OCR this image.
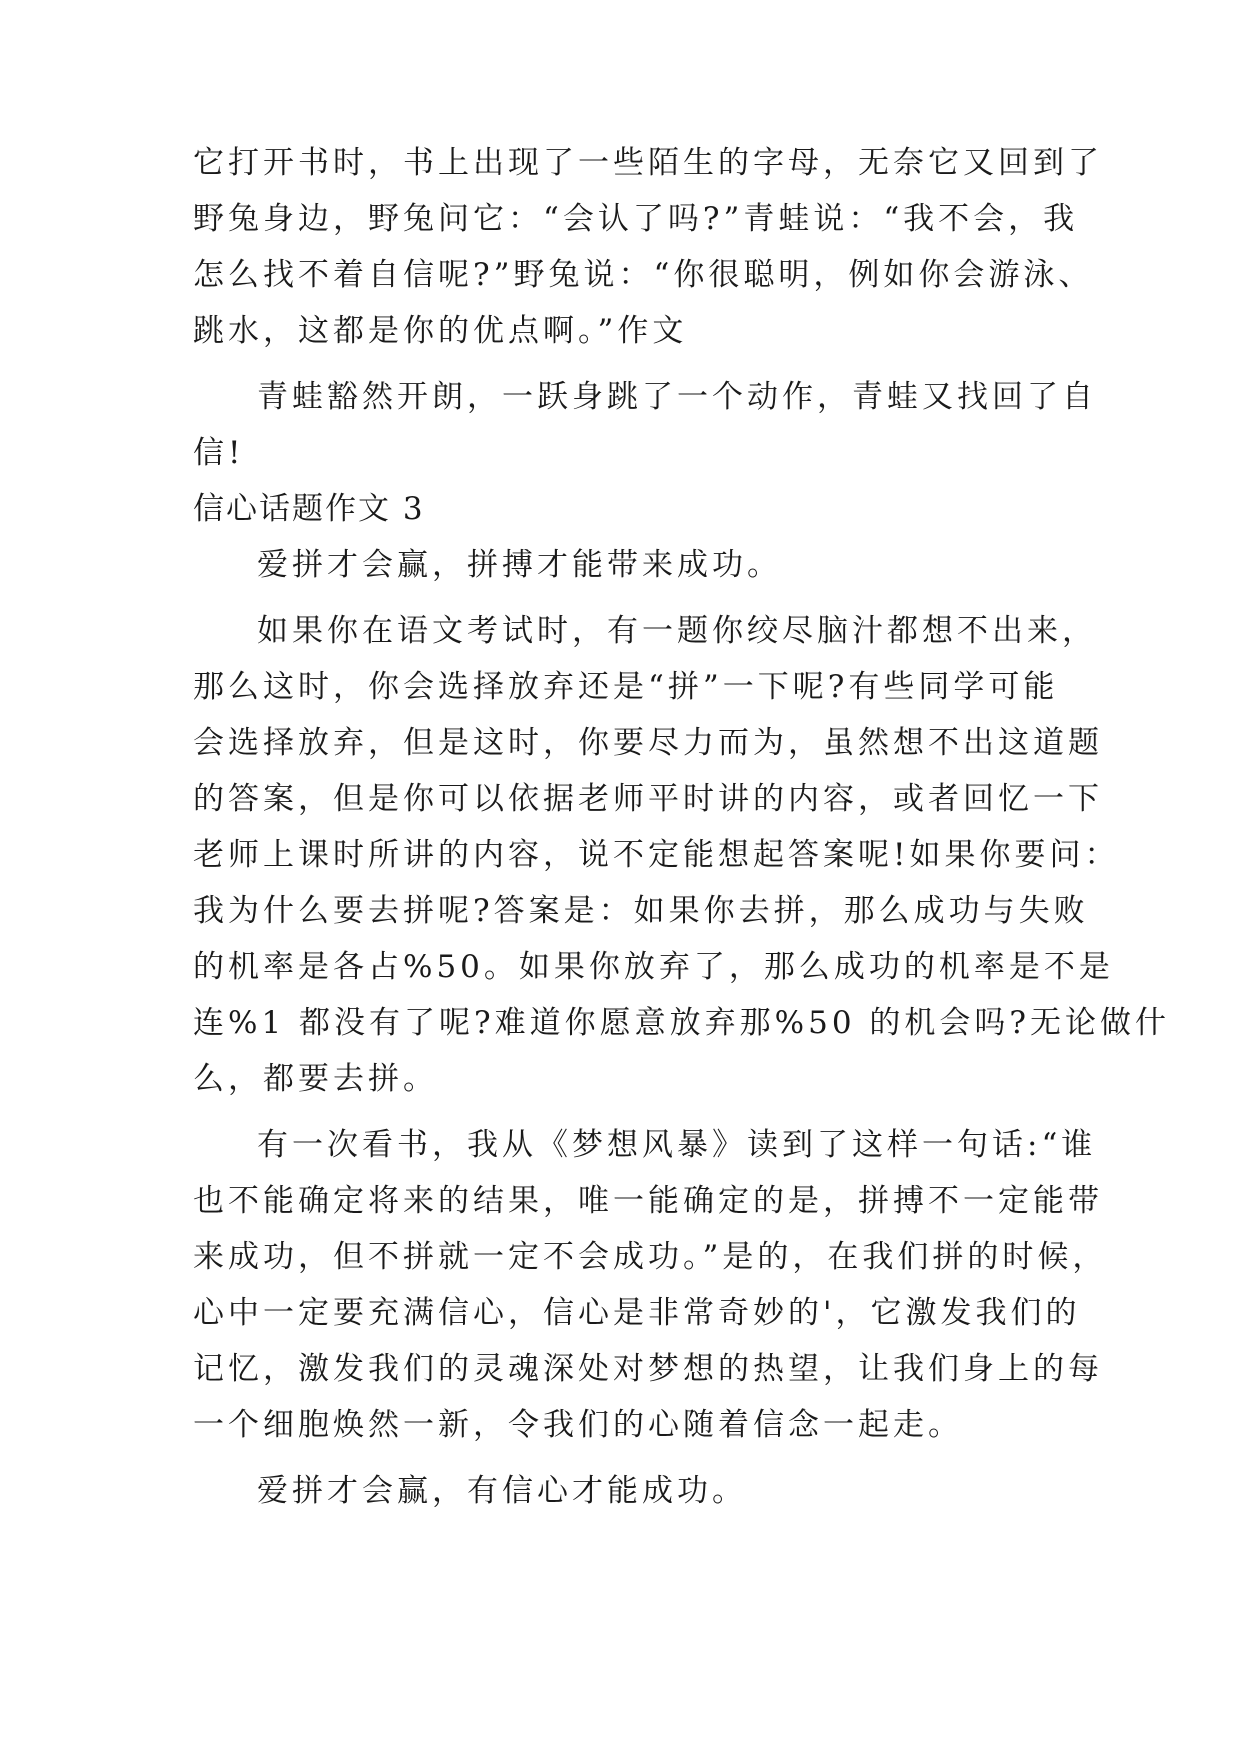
它打开书时，书上出现了一些陌生的字母，无奈它又回到了
野兔身边，野兔问它：“会认了吗?”青蛙说：“我不会，我
怎么找不着自信呢?”野兔说：“你很聪明，例如你会游泳、
跳水，这都是你的优点啊。”作文
青蛙豁然开朗，一跃身跳了一个动作，青蛙又找回了自
信!
信心话题作文 3
爱拼才会赢，拼搏才能带来成功。
如果你在语文考试时，有一题你绞尽脑汁都想不出来，
那么这时，你会选择放弃还是“拼”一下呢?有些同学可能
会选择放弃，但是这时，你要尽力而为，虽然想不出这道题
的答案，但是你可以依据老师平时讲的内容，或者回忆一下
老师上课时所讲的内容，说不定能想起答案呢!如果你要问：
我为什么要去拼呢?答案是：如果你去拼，那么成功与失败
的机率是各占%50。如果你放弃了，那么成功的机率是不是
连%1 都没有了呢?难道你愿意放弃那%50 的机会吗?无论做什
么，都要去拼。
有一次看书，我从《梦想风暴》读到了这样一句话:“谁
也不能确定将来的结果，唯一能确定的是，拼搏不一定能带
来成功，但不拼就一定不会成功。”是的，在我们拼的时候，
心中一定要充满信心，信心是非常奇妙的'，它激发我们的
记忆，激发我们的灵魂深处对梦想的热望，让我们身上的每
一个细胞焕然一新，令我们的心随着信念一起走。
爱拼才会赢，有信心才能成功。
